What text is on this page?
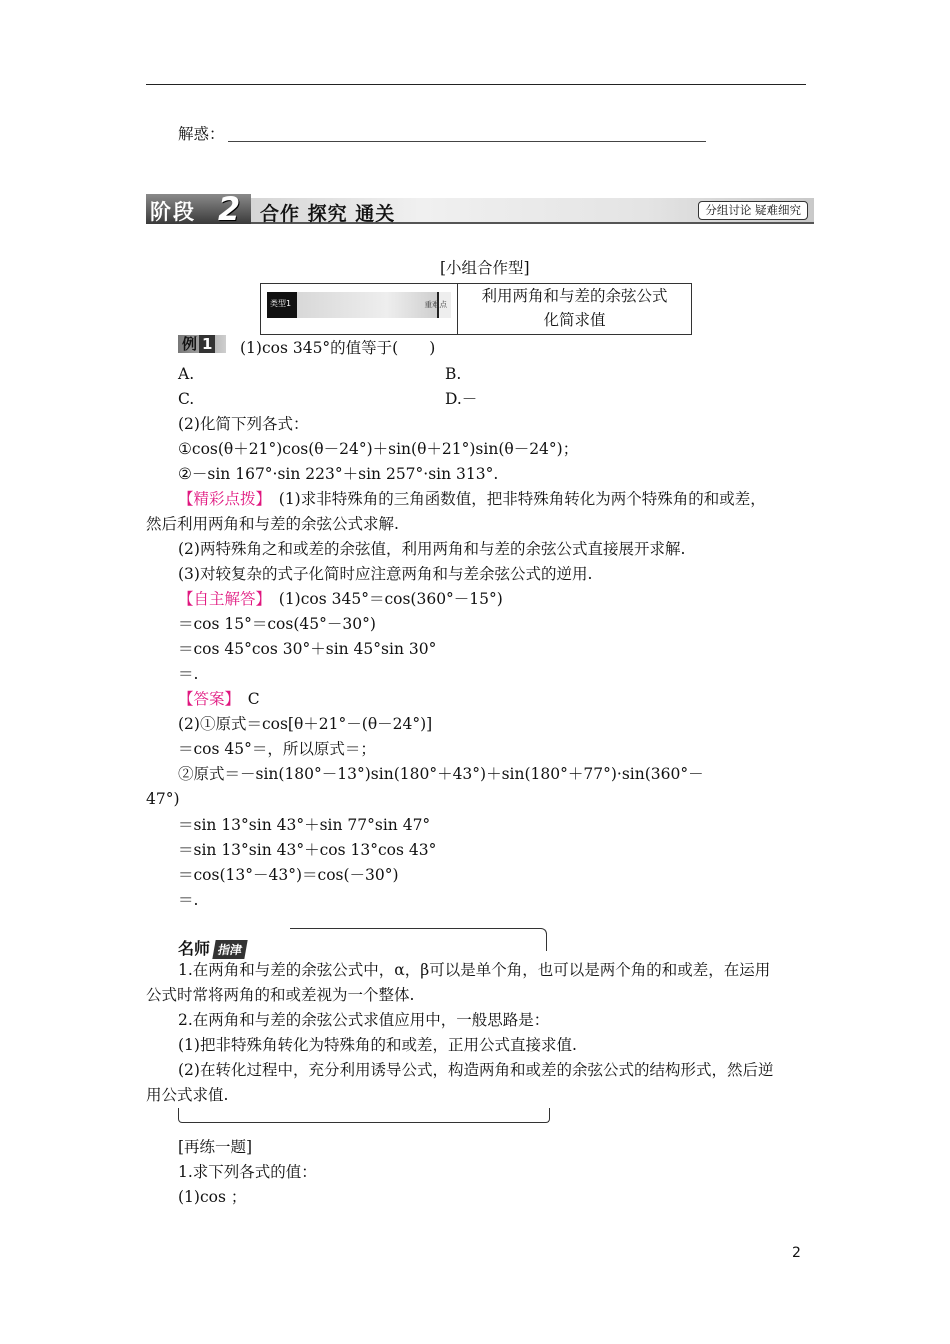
解惑：
阶段 2 合作 探究 通关	分组讨论 疑难细究
[小组合作型]
类型1	重难点	利用两角和与差的余弦公式
化简求值
例 1	(1)cos 345°的值等于(　　)
A.	B.
C.	D.－
(2)化简下列各式：
①cos(θ＋21°)cos(θ－24°)＋sin(θ＋21°)sin(θ－24°)；
②－sin 167°·sin 223°＋sin 257°·sin 313°.
【精彩点拨】　(1)求非特殊角的三角函数值，把非特殊角转化为两个特殊角的和或差，
然后利用两角和与差的余弦公式求解.
(2)两特殊角之和或差的余弦值，利用两角和与差的余弦公式直接展开求解.
(3)对较复杂的式子化简时应注意两角和与差余弦公式的逆用.
【自主解答】　(1)cos 345°＝cos(360°－15°)
＝cos 15°＝cos(45°－30°)
＝cos 45°cos 30°＋sin 45°sin 30°
＝.
【答案】　C
(2)①原式＝cos[θ＋21°－(θ－24°)]
＝cos 45°＝，所以原式＝；
②原式＝－sin(180°－13°)sin(180°＋43°)＋sin(180°＋77°)·sin(360°－
47°)
＝sin 13°sin 43°＋sin 77°sin 47°
＝sin 13°sin 43°＋cos 13°cos 43°
＝cos(13°－43°)＝cos(－30°)
＝.
名师 指津
1.在两角和与差的余弦公式中，α，β可以是单个角，也可以是两个角的和或差，在运用
公式时常将两角的和或差视为一个整体.
2.在两角和与差的余弦公式求值应用中，一般思路是：
(1)把非特殊角转化为特殊角的和或差，正用公式直接求值.
(2)在转化过程中，充分利用诱导公式，构造两角和或差的余弦公式的结构形式，然后逆
用公式求值.
[再练一题]
1.求下列各式的值：
(1)cos ；
2
